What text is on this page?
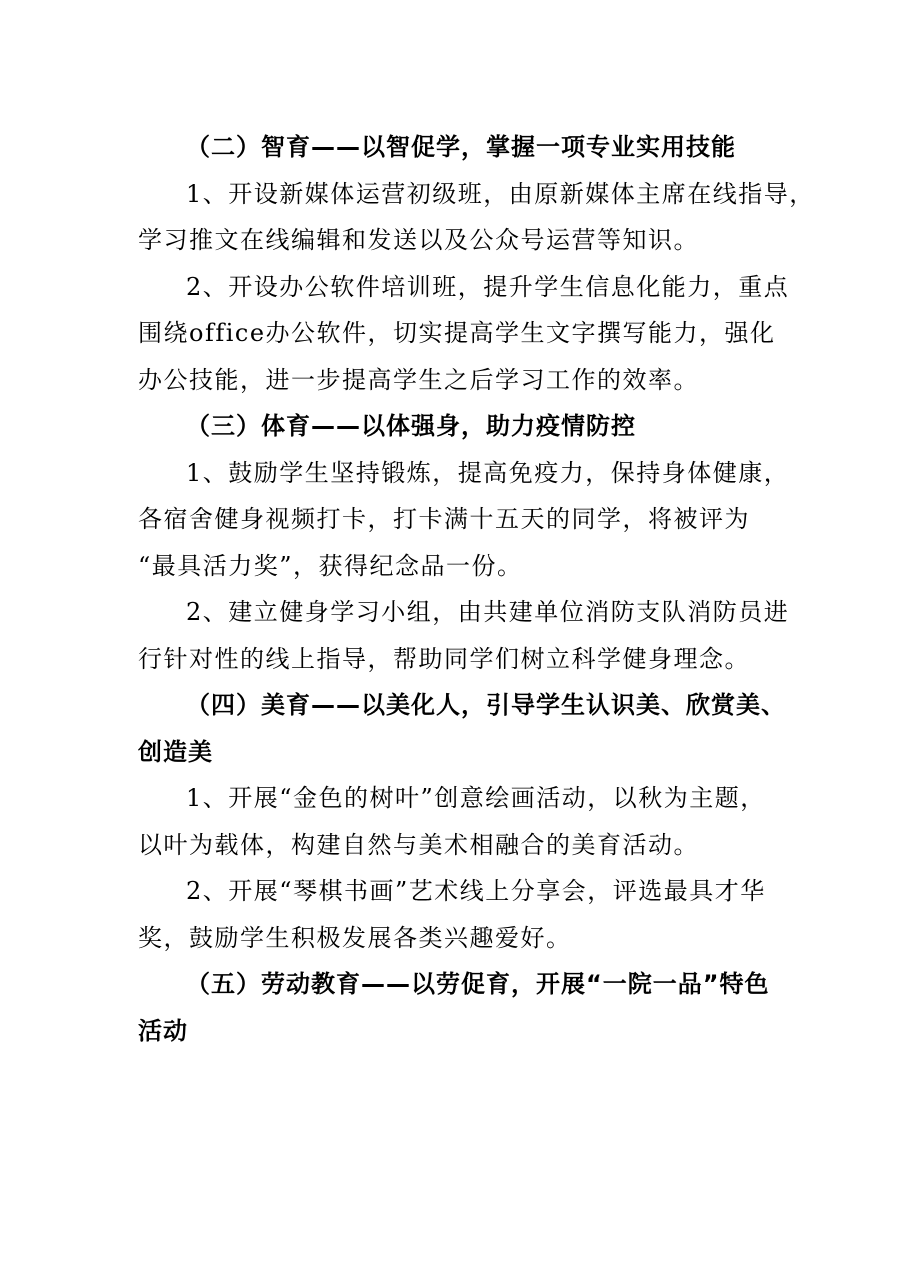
（二）智育——以智促学，掌握一项专业实用技能
1、开设新媒体运营初级班，由原新媒体主席在线指导，
学习推文在线编辑和发送以及公众号运营等知识。
2、开设办公软件培训班，提升学生信息化能力，重点
围绕office办公软件，切实提高学生文字撰写能力，强化
办公技能，进一步提高学生之后学习工作的效率。
（三）体育——以体强身，助力疫情防控
1、鼓励学生坚持锻炼，提高免疫力，保持身体健康，
各宿舍健身视频打卡，打卡满十五天的同学，将被评为
“最具活力奖”，获得纪念品一份。
2、建立健身学习小组，由共建单位消防支队消防员进
行针对性的线上指导，帮助同学们树立科学健身理念。
（四）美育——以美化人，引导学生认识美、欣赏美、
创造美
1、开展“金色的树叶”创意绘画活动，以秋为主题，
以叶为载体，构建自然与美术相融合的美育活动。
2、开展“琴棋书画”艺术线上分享会，评选最具才华
奖，鼓励学生积极发展各类兴趣爱好。
（五）劳动教育——以劳促育，开展“一院一品”特色
活动
